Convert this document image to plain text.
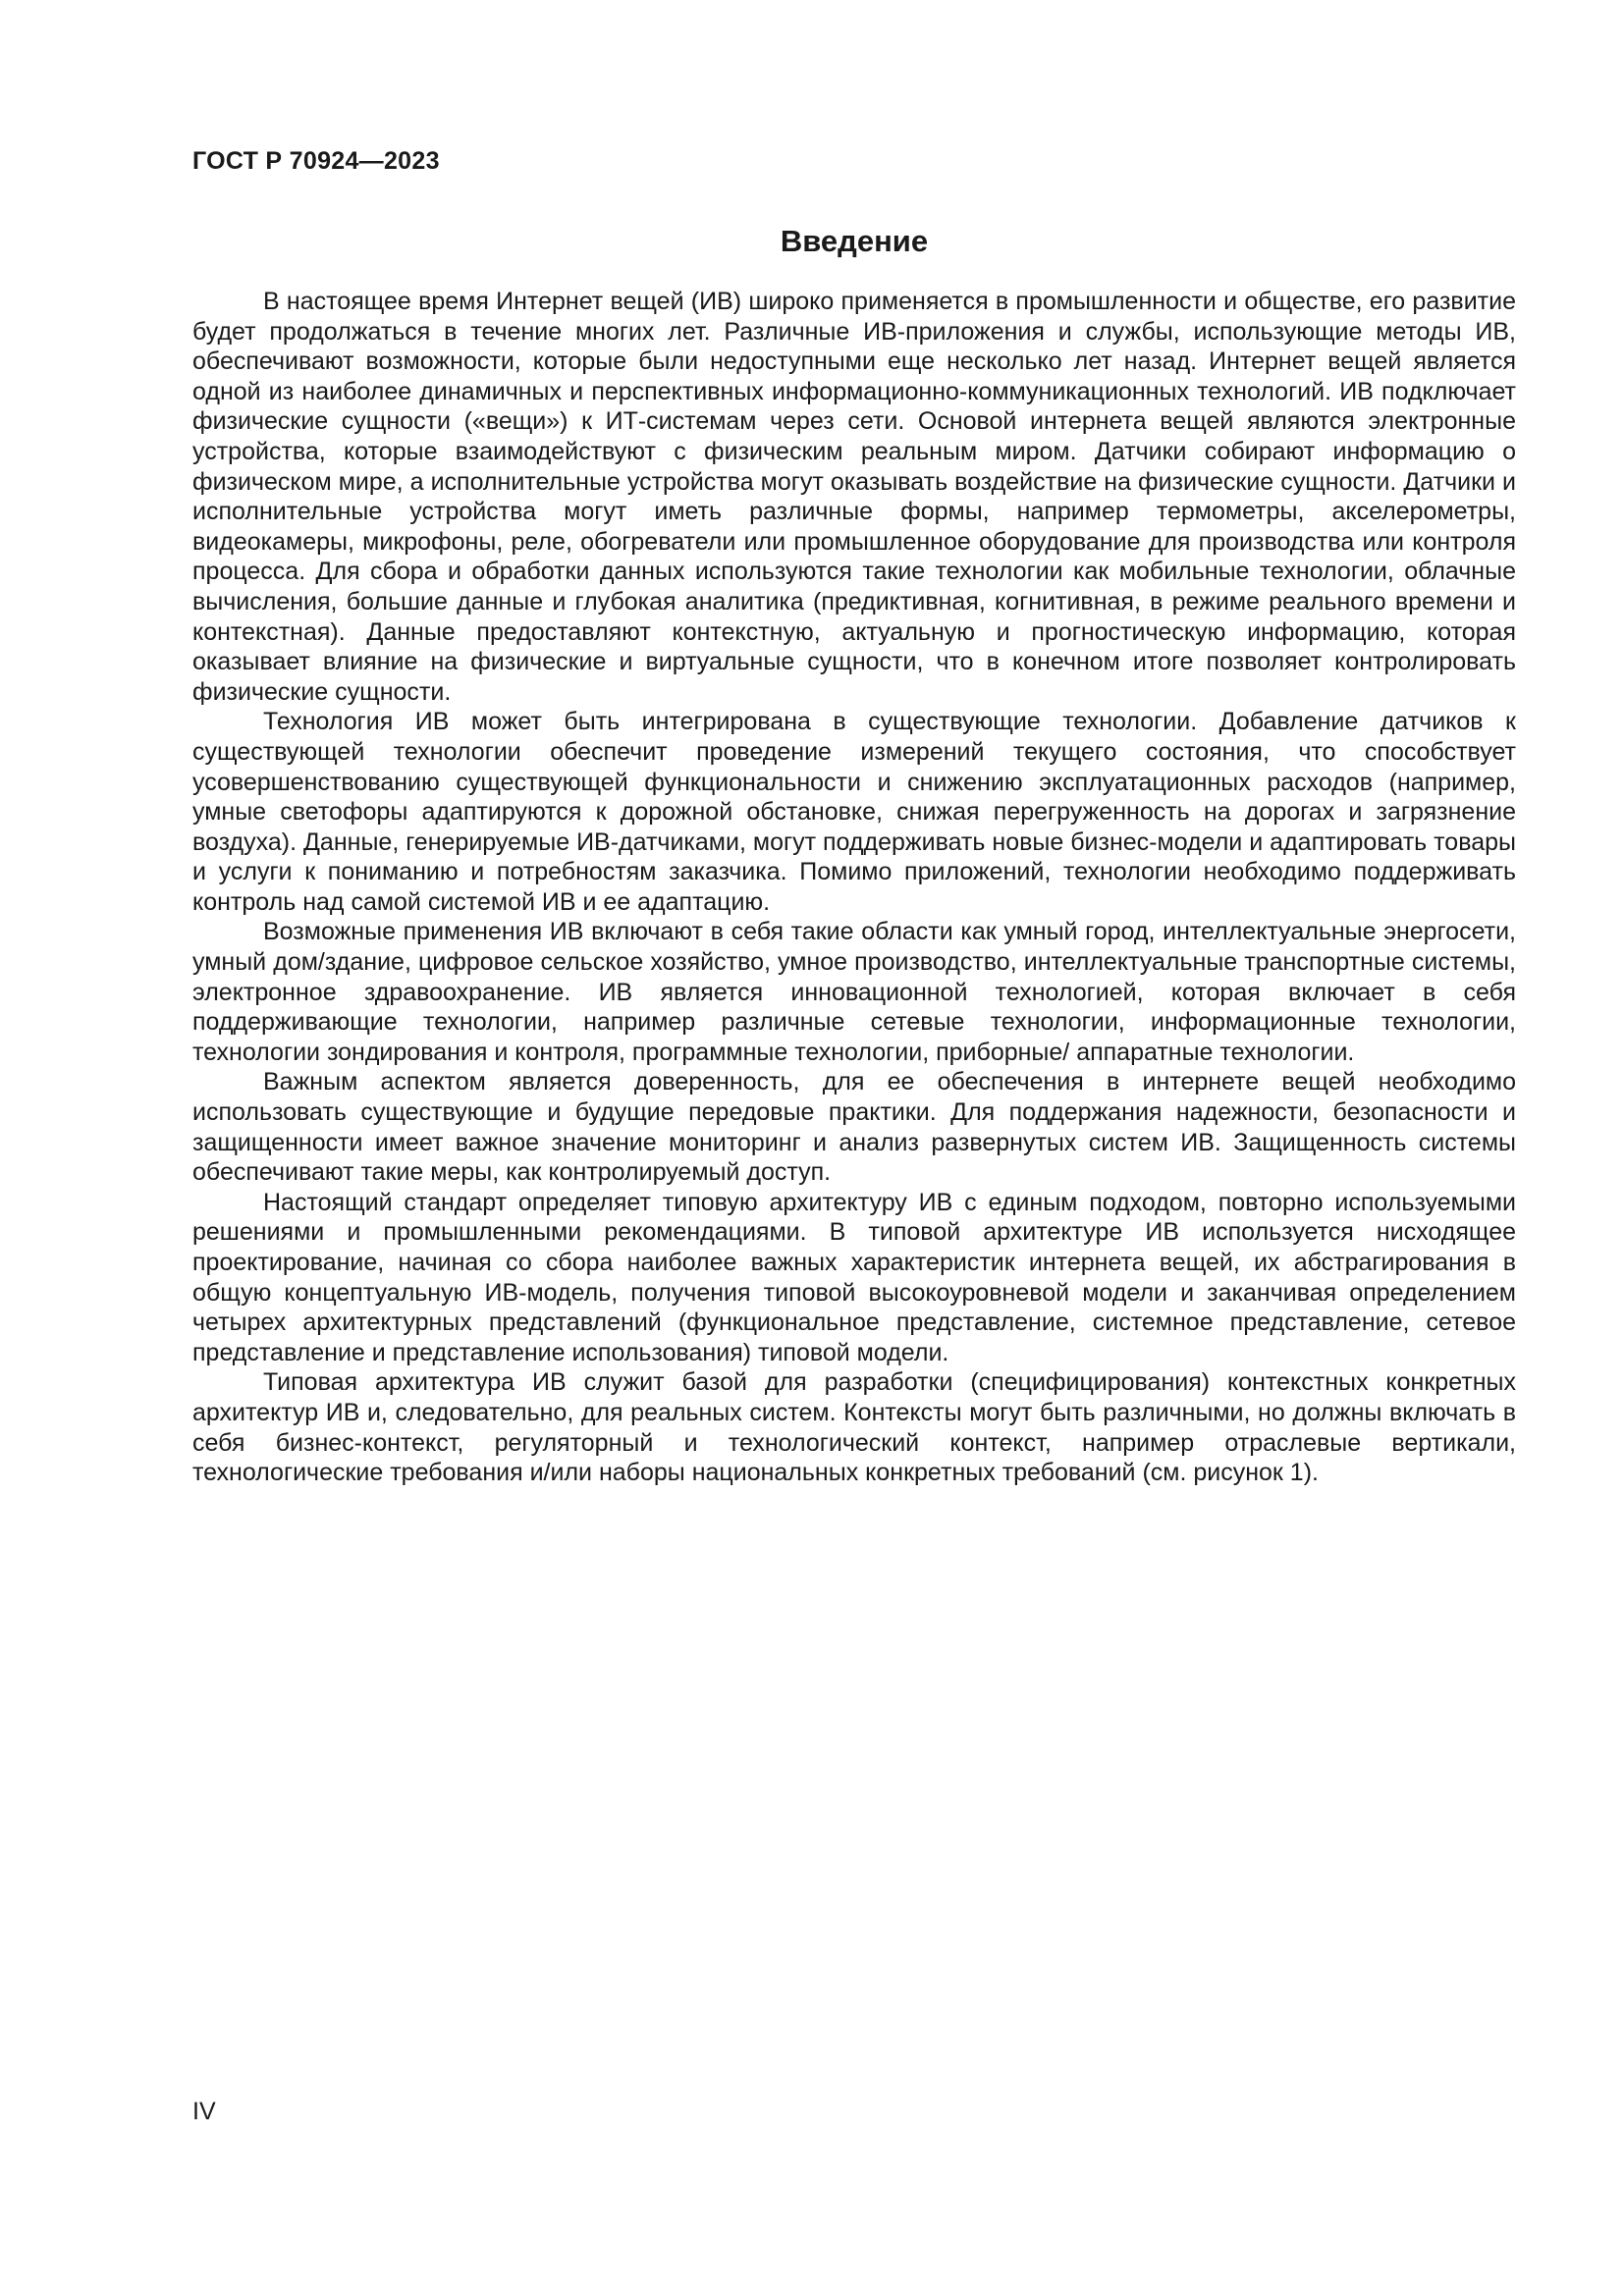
ГОСТ Р 70924—2023

Введение

В настоящее время Интернет вещей (ИВ) широко применяется в промышленности и обществе, его развитие будет продолжаться в течение многих лет. Различные ИВ-приложения и службы, использующие методы ИВ, обеспечивают возможности, которые были недоступными еще несколько лет назад. Интернет вещей является одной из наиболее динамичных и перспективных информационно-коммуникационных технологий. ИВ подключает физические сущности («вещи») к ИТ-системам через сети. Основой интернета вещей являются электронные устройства, которые взаимодействуют с физическим реальным миром. Датчики собирают информацию о физическом мире, а исполнительные устройства могут оказывать воздействие на физические сущности. Датчики и исполнительные устройства могут иметь различные формы, например термометры, акселерометры, видеокамеры, микрофоны, реле, обогреватели или промышленное оборудование для производства или контроля процесса. Для сбора и обработки данных используются такие технологии как мобильные технологии, облачные вычисления, большие данные и глубокая аналитика (предиктивная, когнитивная, в режиме реального времени и контекстная). Данные предоставляют контекстную, актуальную и прогностическую информацию, которая оказывает влияние на физические и виртуальные сущности, что в конечном итоге позволяет контролировать физические сущности.

Технология ИВ может быть интегрирована в существующие технологии. Добавление датчиков к существующей технологии обеспечит проведение измерений текущего состояния, что способствует усовершенствованию существующей функциональности и снижению эксплуатационных расходов (например, умные светофоры адаптируются к дорожной обстановке, снижая перегруженность на дорогах и загрязнение воздуха). Данные, генерируемые ИВ-датчиками, могут поддерживать новые бизнес-модели и адаптировать товары и услуги к пониманию и потребностям заказчика. Помимо приложений, технологии необходимо поддерживать контроль над самой системой ИВ и ее адаптацию.

Возможные применения ИВ включают в себя такие области как умный город, интеллектуальные энергосети, умный дом/здание, цифровое сельское хозяйство, умное производство, интеллектуальные транспортные системы, электронное здравоохранение. ИВ является инновационной технологией, которая включает в себя поддерживающие технологии, например различные сетевые технологии, информационные технологии, технологии зондирования и контроля, программные технологии, приборные/ аппаратные технологии.

Важным аспектом является доверенность, для ее обеспечения в интернете вещей необходимо использовать существующие и будущие передовые практики. Для поддержания надежности, безопасности и защищенности имеет важное значение мониторинг и анализ развернутых систем ИВ. Защищенность системы обеспечивают такие меры, как контролируемый доступ.

Настоящий стандарт определяет типовую архитектуру ИВ с единым подходом, повторно используемыми решениями и промышленными рекомендациями. В типовой архитектуре ИВ используется нисходящее проектирование, начиная со сбора наиболее важных характеристик интернета вещей, их абстрагирования в общую концептуальную ИВ-модель, получения типовой высокоуровневой модели и заканчивая определением четырех архитектурных представлений (функциональное представление, системное представление, сетевое представление и представление использования) типовой модели.

Типовая архитектура ИВ служит базой для разработки (специфицирования) контекстных конкретных архитектур ИВ и, следовательно, для реальных систем. Контексты могут быть различными, но должны включать в себя бизнес-контекст, регуляторный и технологический контекст, например отраслевые вертикали, технологические требования и/или наборы национальных конкретных требований (см. рисунок 1).

IV
